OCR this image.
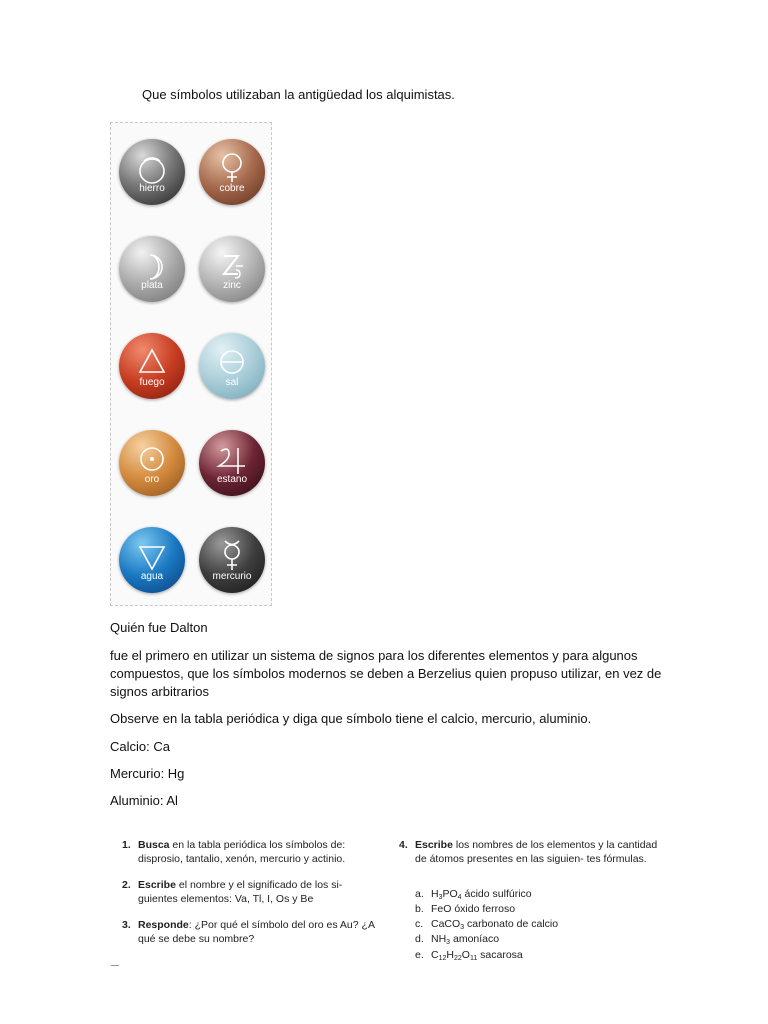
Que símbolos utilizaban la antigüedad los alquimistas.
hierro	cobre
plata	zinc
fuego	sal
oro	estano
agua	mercurio
Quién fue Dalton
fue el primero en utilizar un sistema de signos para los diferentes elementos y para algunos compuestos, que los símbolos modernos se deben a Berzelius quien propuso utilizar, en vez de signos arbitrarios
Observe en la tabla periódica y diga que símbolo tiene el calcio, mercurio, aluminio.
Calcio: Ca
Mercurio: Hg
Aluminio: Al
1. Busca en la tabla periódica los símbolos de: disprosio, tantalio, xenón, mercurio y actinio.
2. Escribe el nombre y el significado de los si- guientes elementos: Va, Tl, I, Os y Be
3. Responde: ¿Por qué el símbolo del oro es Au? ¿A qué se debe su nombre?
4. Escribe los nombres de los elementos y la cantidad de átomos presentes en las siguien- tes fórmulas.
a. $H_3PO_4$ ácido sulfúrico
b. FeO óxido ferroso
c. CaCO$_3$ carbonato de calcio
d. $NH_3$ amoníaco
e. $C_{12}H_{22}O_{11}$ sacarosa
